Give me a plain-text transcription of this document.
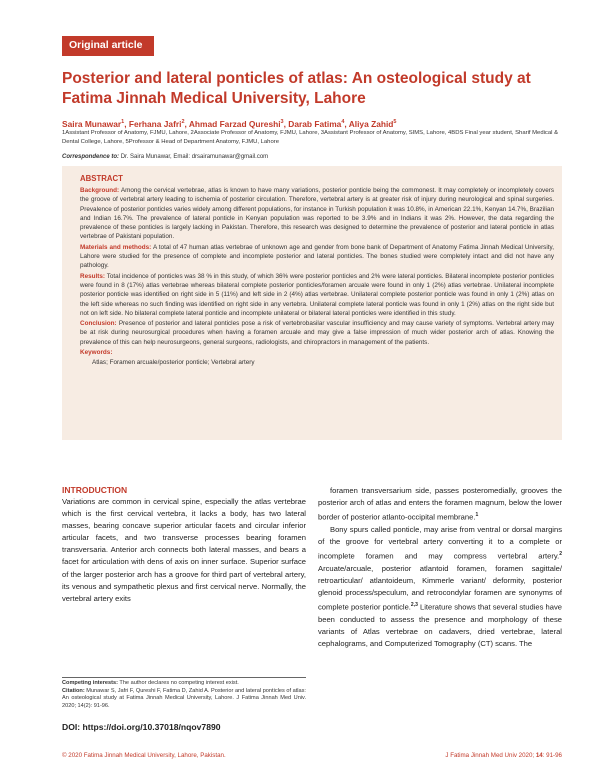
Original article
Posterior and lateral ponticles of atlas: An osteological study at Fatima Jinnah Medical University, Lahore
Saira Munawar$^1$, Ferhana Jafri$^2$, Ahmad Farzad Qureshi$^3$, Darab Fatima$^4$, Aliya Zahid$^5$
1Assistant Professor of Anatomy, FJMU, Lahore, 2Associate Professor of Anatomy, FJMU, Lahore, 3Assistant Professor of Anatomy, SIMS, Lahore, 4BDS Final year student, Sharif Medical & Dental College, Lahore, 5Professor & Head of Department Anatomy, FJMU, Lahore
Correspondence to: Dr. Saira Munawar, Email: drsairamunawar@gmail.com
ABSTRACT

Background: Among the cervical vertebrae, atlas is known to have many variations, posterior ponticle being the commonest. It may completely or incompletely covers the groove of vertebral artery leading to ischemia of posterior circulation. Therefore, vertebral artery is at greater risk of injury during neurological and spinal surgeries. Prevalence of posterior ponticles varies widely among different populations, for instance in Turkish population it was 10.8%, in American 22.1%, Kenyan 14.7%, Brazilian and Indian 16.7%. The prevalence of lateral ponticle in Kenyan population was reported to be 3.9% and in Indians it was 2%. However, the data regarding the prevalence of these ponticles is largely lacking in Pakistan. Therefore, this research was designed to determine the prevalence of posterior and lateral ponticle in atlas vertebrae of Pakistani population.

Materials and methods: A total of 47 human atlas vertebrae of unknown age and gender from bone bank of Department of Anatomy Fatima Jinnah Medical University, Lahore were studied for the presence of complete and incomplete posterior and lateral ponticles. The bones studied were completely intact and did not have any pathology.

Results: Total incidence of ponticles was 38 % in this study, of which 36% were posterior ponticles and 2% were lateral ponticles. Bilateral incomplete posterior ponticles were found in 8 (17%) atlas vertebrae whereas bilateral complete posterior ponticles/foramen arcuale were found in only 1 (2%) atlas vertebrae. Unilateral incomplete posterior ponticle was identified on right side in 5 (11%) and left side in 2 (4%) atlas vertebrae. Unilateral complete posterior ponticle was found in only 1 (2%) atlas on the left side whereas no such finding was identified on right side in any vertebra. Unilateral complete lateral ponticle was found in only 1 (2%) atlas on the right side but not on left side. No bilateral complete lateral ponticle and incomplete unilateral or bilateral lateral ponticles were identified in this study.

Conclusion: Presence of posterior and lateral ponticles pose a risk of vertebrobasilar vascular insufficiency and may cause variety of symptoms. Vertebral artery may be at risk during neurosurgical procedures when having a foramen arcuale and may give a false impression of much wider posterior arch of atlas. Knowing the prevalence of this can help neurosurgeons, general surgeons, radiologists, and chiropractors in management of the patients.

Keywords:

Atlas; Foramen arcuale/posterior ponticle; Vertebral artery

INTRODUCTION

Variations are common in cervical spine, especially the atlas vertebrae which is the first cervical vertebra, it lacks a body, has two lateral masses, bearing concave superior articular facets and circular inferior articular facets, and two transverse processes bearing foramen transversaria. Anterior arch connects both lateral masses, and bears a facet for articulation with dens of axis on inner surface. Superior surface of the larger posterior arch has a groove for third part of vertebral artery, its venous and sympathetic plexus and first cervical nerve. Normally, the vertebral artery exits

foramen transversarium side, passes posteromedially, grooves the posterior arch of atlas and enters the foramen magnum, below the lower border of posterior atlanto-occipital membrane.$^1$

Bony spurs called ponticle, may arise from ventral or dorsal margins of the groove for vertebral artery converting it to a complete or incomplete foramen and may compress vertebral artery.$^2$ Arcuate/arcuale, posterior atlantoid foramen, foramen sagittale/ retroarticular/ atlantoideum, Kimmerle variant/ deformity, posterior glenoid process/speculum, and retrocondylar foramen are synonyms of complete posterior ponticle.$^{2,3}$ Literature shows that several studies have been conducted to assess the presence and morphology of these variants of Atlas vertebrae on cadavers, dried vertebrae, lateral cephalograms, and Computerized Tomography (CT) scans. The

Competing interests: The author declares no competing interest exist.

Citation: Munawar S, Jafri F, Qureshi F, Fatima D, Zahid A. Posterior and lateral ponticles of atlas: An osteological study at Fatima Jinnah Medical University, Lahore. J Fatima Jinnah Med Univ. 2020; 14(2): 91-96.

DOI: https://doi.org/10.37018/nqov7890
© 2020 Fatima Jinnah Medical University, Lahore, Pakistan.	J Fatima Jinnah Med Univ 2020; 14: 91-96
